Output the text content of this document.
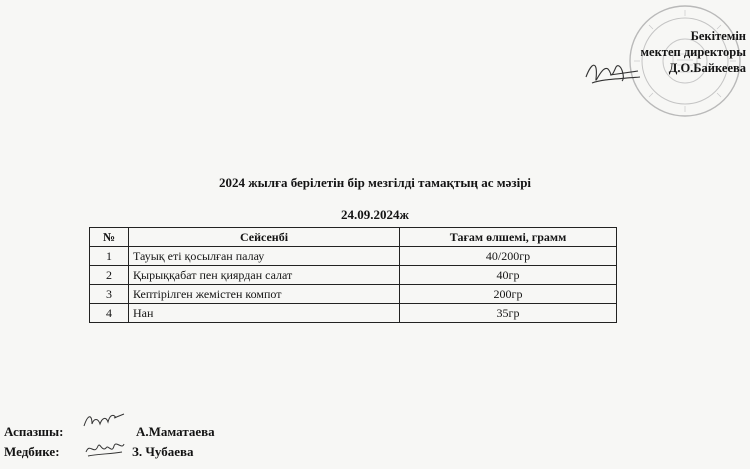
Бекітемін
мектеп директоры
Д.О.Байкеева
2024 жылға берілетін бір мезгілді тамақтың ас мәзірі
24.09.2024ж
№	Сейсенбі	Тағам өлшемі, грамм
1	Тауық еті қосылған палау	40/200гр
2	Қырыққабат пен қиярдан салат	40гр
3	Кептірілген жемістен компот	200гр
4	Нан	35гр
Аспазшы:	А.Маматаева
Медбике:	З. Чубаева
